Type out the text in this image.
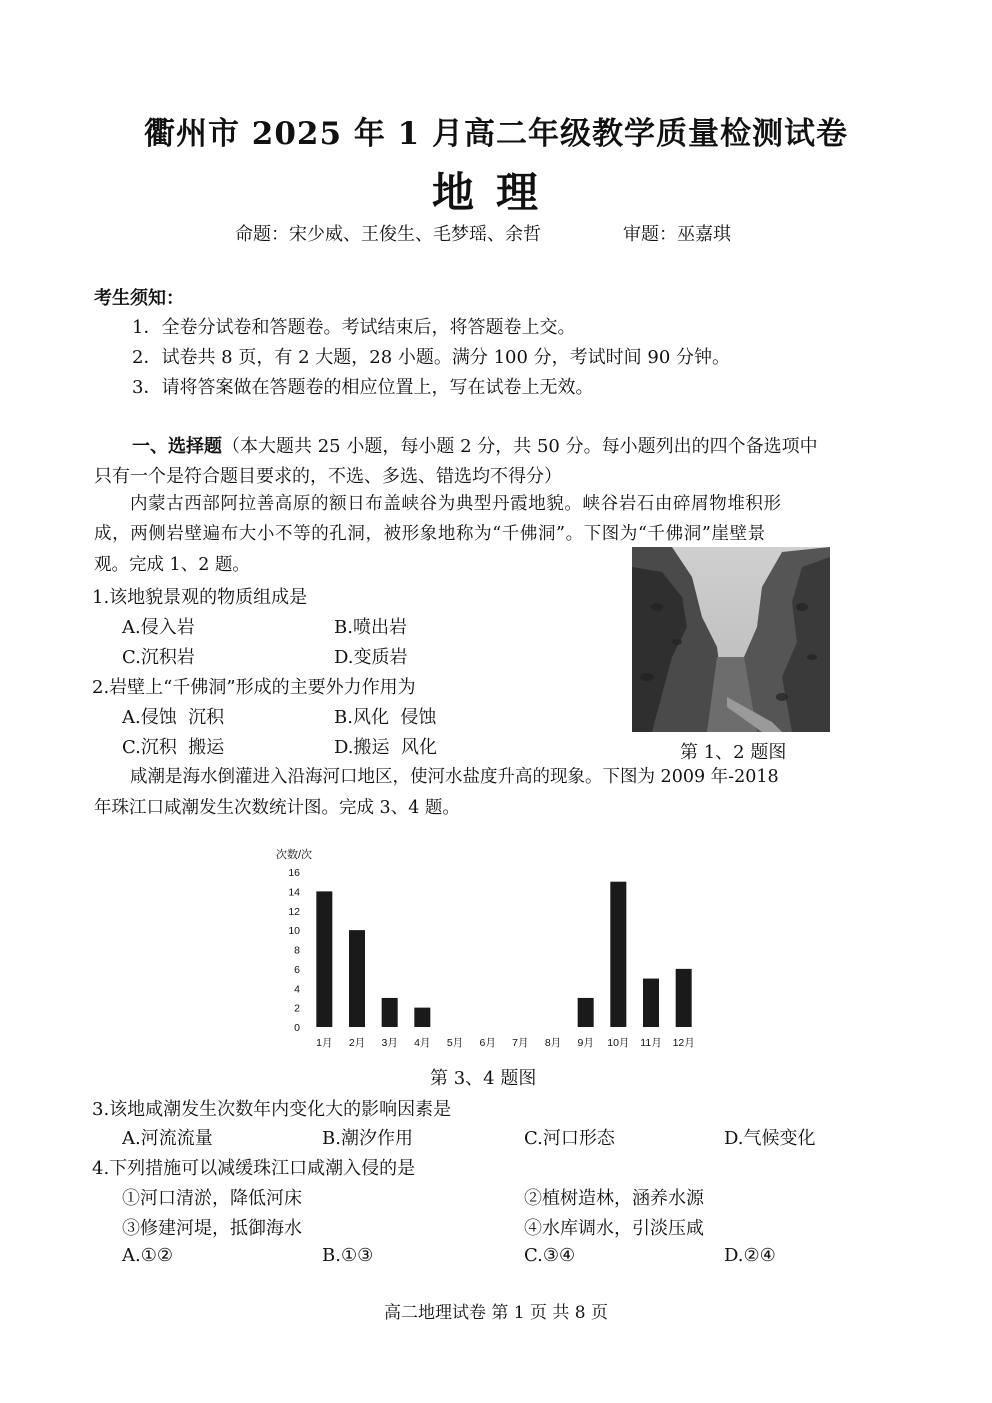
衢州市 2025 年 1 月高二年级教学质量检测试卷
地理
命题：宋少威、王俊生、毛梦瑶、余哲	审题：巫嘉琪
考生须知：
1．全卷分试卷和答题卷。考试结束后，将答题卷上交。
2．试卷共 8 页，有 2 大题，28 小题。满分 100 分，考试时间 90 分钟。
3．请将答案做在答题卷的相应位置上，写在试卷上无效。
一、选择题（本大题共 25 小题，每小题 2 分，共 50 分。每小题列出的四个备选项中
只有一个是符合题目要求的，不选、多选、错选均不得分）
内蒙古西部阿拉善高原的额日布盖峡谷为典型丹霞地貌。峡谷岩石由碎屑物堆积形
成，两侧岩壁遍布大小不等的孔洞，被形象地称为“千佛洞”。下图为“千佛洞”崖壁景
观。完成 1、2 题。
1.该地貌景观的物质组成是
A.侵入岩	B.喷出岩
C.沉积岩	D.变质岩
2.岩壁上“千佛洞”形成的主要外力作用为
A.侵蚀  沉积	B.风化  侵蚀
C.沉积  搬运	D.搬运  风化	第 1、2 题图
咸潮是海水倒灌进入沿海河口地区，使河水盐度升高的现象。下图为 2009 年-2018
年珠江口咸潮发生次数统计图。完成 3、4 题。
次数/次
0
2
4
6
8
10
12
14
16
1月 2月 3月 4月 5月 6月 7月 8月 9月 10月 11月 12月
第 3、4 题图
3.该地咸潮发生次数年内变化大的影响因素是
A.河流流量	B.潮汐作用	C.河口形态	D.气候变化
4.下列措施可以减缓珠江口咸潮入侵的是
①河口清淤，降低河床	②植树造林，涵养水源
③修建河堤，抵御海水	④水库调水，引淡压咸
A.①②	B.①③	C.③④	D.②④
高二地理试卷 第 1 页 共 8 页
